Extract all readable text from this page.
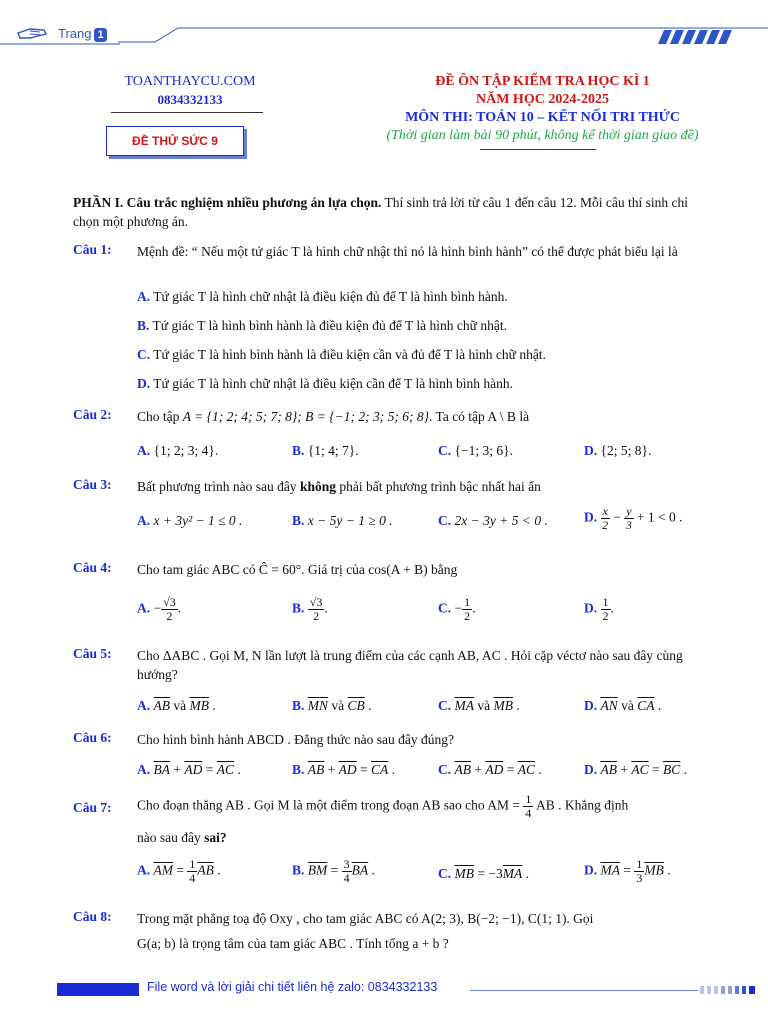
Trang 1
TOANTHAYCU.COM
0834332133
ĐỀ THỬ SỨC 9
ĐỀ ÔN TẬP KIỂM TRA HỌC KÌ 1
NĂM HỌC 2024-2025
MÔN THI: TOÁN 10 – KẾT NỐI TRI THỨC
(Thời gian làm bài 90 phút, không kể thời gian giao đề)
PHẦN I. Câu trắc nghiệm nhiều phương án lựa chọn. Thí sinh trả lời từ câu 1 đến câu 12. Mỗi câu thí sinh chỉ chọn một phương án.
Câu 1: Mệnh đề: “ Nếu một tứ giác T là hình chữ nhật thì nó là hình bình hành” có thể được phát biểu lại là
A. Tứ giác T là hình chữ nhật là điều kiện đủ để T là hình bình hành.
B. Tứ giác T là hình bình hành là điều kiện đủ để T là hình chữ nhật.
C. Tứ giác T là hình bình hành là điều kiện cần và đủ để T là hình chữ nhật.
D. Tứ giác T là hình chữ nhật là điều kiện cần để T là hình bình hành.
Câu 2: Cho tập A = {1; 2; 4; 5; 7; 8}; B = {−1; 2; 3; 5; 6; 8}. Ta có tập A \ B là
A. {1; 2; 3; 4}.	B. {1; 4; 7}.	C. {−1; 3; 6}.	D. {2; 5; 8}.
Câu 3: Bất phương trình nào sau đây không phải bất phương trình bậc nhất hai ẩn
A. x + 3y² − 1 ≤ 0 .	B. x − 5y − 1 ≥ 0 .	C. 2x − 3y + 5 < 0 .	D. $\frac{x}{2} - \frac{y}{3} + 1 < 0$ .
Câu 4: Cho tam giác ABC có Ĉ = 60°. Giá trị của cos(A + B) bằng
A. − $\frac{√3}{2}$ .	B. $\frac{√3}{2}$ .	C. − $\frac{1}{2}$ .	D. $\frac{1}{2}$ .
Câu 5: Cho ΔABC . Gọi M, N lần lượt là trung điểm của các cạnh AB, AC . Hỏi cặp véctơ nào sau đây cùng hướng?
A. $\overline{AB}$ và $\overline{MB}$ .	B. $\overline{MN}$ và $\overline{CB}$ .	C. $\overline{MA}$ và $\overline{MB}$ .	D. $\overline{AN}$ và $\overline{CA}$ .
Câu 6: Cho hình bình hành ABCD . Đẳng thức nào sau đây đúng?
A. $\overline{BA} + \overline{AD} = \overline{AC}$ .	B. $\overline{AB} + \overline{AD} = \overline{CA}$ .	C. $\overline{AB} + \overline{AD} = \overline{AC}$ .	D. $\overline{AB} + \overline{AC} = \overline{BC}$ .
Câu 7: Cho đoạn thẳng AB . Gọi M là một điểm trong đoạn AB sao cho AM = $\frac{1}{4}$ AB . Khẳng định
nào sau đây sai?
A. $\overline{AM} = \frac{1}{4} \overline{AB}$ .	B. $\overline{BM} = \frac{3}{4} \overline{BA}$ .	C. $\overline{MB} = -3\overline{MA}$ .	D. $\overline{MA} = \frac{1}{3} \overline{MB}$ .
Câu 8: Trong mặt phẳng toạ độ Oxy , cho tam giác ABC có A(2; 3), B(−2; −1), C(1; 1). Gọi
G(a; b) là trọng tâm của tam giác ABC . Tính tổng a + b ?
File word và lời giải chi tiết liên hệ zalo: 0834332133
